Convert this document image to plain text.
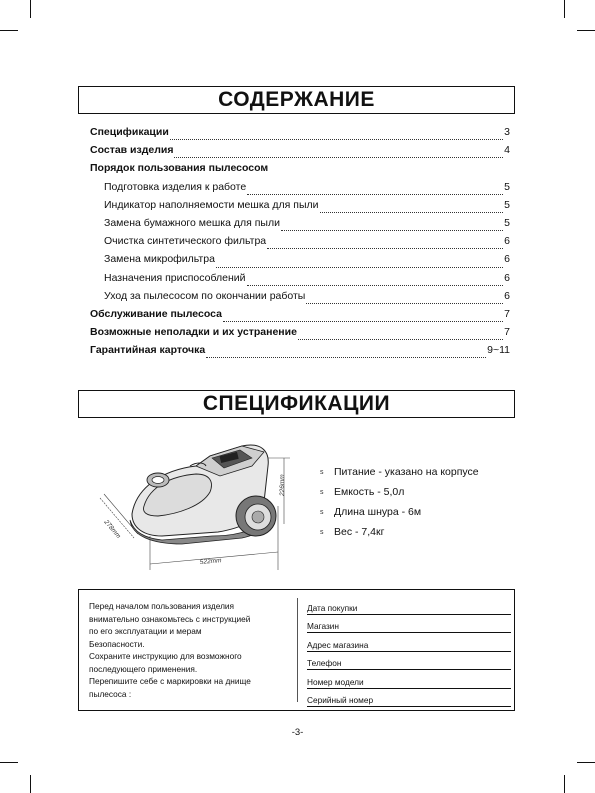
СОДЕРЖАНИЕ
Спецификации	3
Состав изделия	4
Порядок пользования пылесосом
Подготовка изделия к работе	5
Индикатор наполняемости мешка для пыли	5
Замена бумажного мешка для пыли	5
Очистка синтетического фильтра	6
Замена микрофильтра	6
Назначения приспособлений	6
Уход за пылесосом по окончании работы	6
Обслуживание пылесоса	7
Возможные неполадки и их устранение	7
Гарантийная карточка	9~11
СПЕЦИФИКАЦИИ
226mm
278mm
522mm
s	Питание - указано на корпусе
s	Емкость - 5,0л
s	Длина шнура - 6м
s	Вес - 7,4кг
Перед началом пользования изделия
внимательно ознакомьтесь с инструкцией
по его эксплуатации и мерам
Безопасности.
Сохраните инструкцию для возможного
последующего применения.
Перепишите себе с маркировки на днище
пылесоса :
Дата покупки
Магазин
Адрес магазина
Телефон
Номер модели
Серийный номер
-3-
